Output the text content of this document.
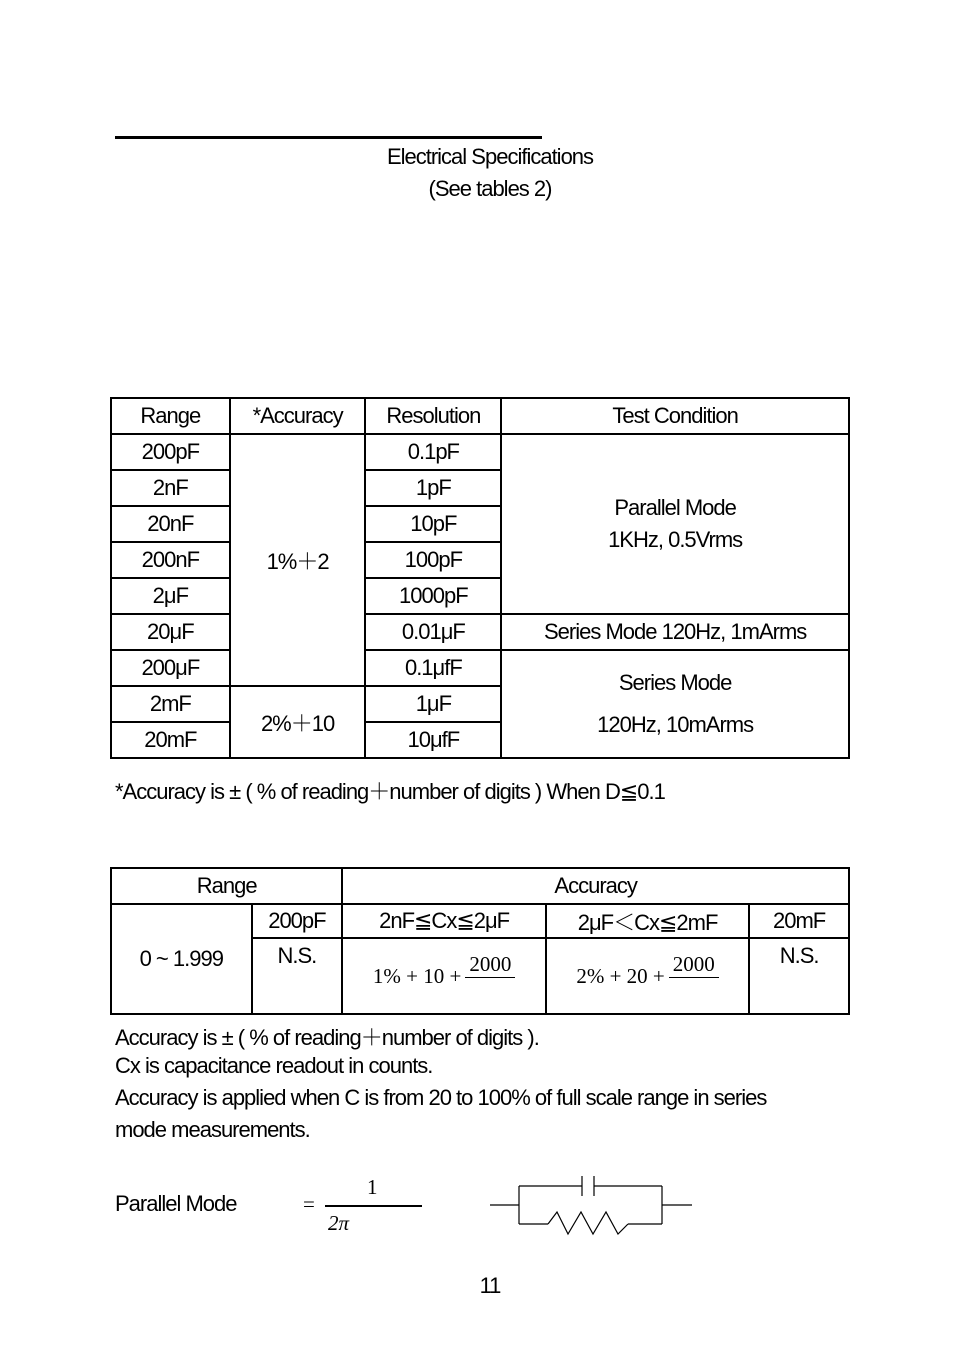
Electrical Specifications
(See tables 2)
Range	*Accuracy	Resolution	Test Condition
200pF	1%＋2	0.1pF	Parallel Mode
1KHz, 0.5Vrms

2nF		1pF	
20nF		10pF	
200nF		100pF	
2μF		1000pF	
20μF		0.01μF	Series Mode 120Hz, 1mArms
200μF		0.1μfF	Series Mode
120Hz, 10mArms

2mF	2%＋10	1μF	
20mF		10μfF	
*Accuracy is ± ( % of reading＋number of digits ) When D≦0.1
Range		Accuracy		
0 ~ 1.999	200pF	2nF≦Cx≦2μF	2μF＜Cx≦2mF	20mF
	N.S.	1% + 10 + 2000	2% + 20 + 2000	N.S.
Accuracy is ± ( % of reading＋number of digits ).
Cx is capacitance readout in counts.
Accuracy is applied when C is from 20 to 100% of full scale range in series
mode measurements.
Parallel Mode	=
1
2π
11
